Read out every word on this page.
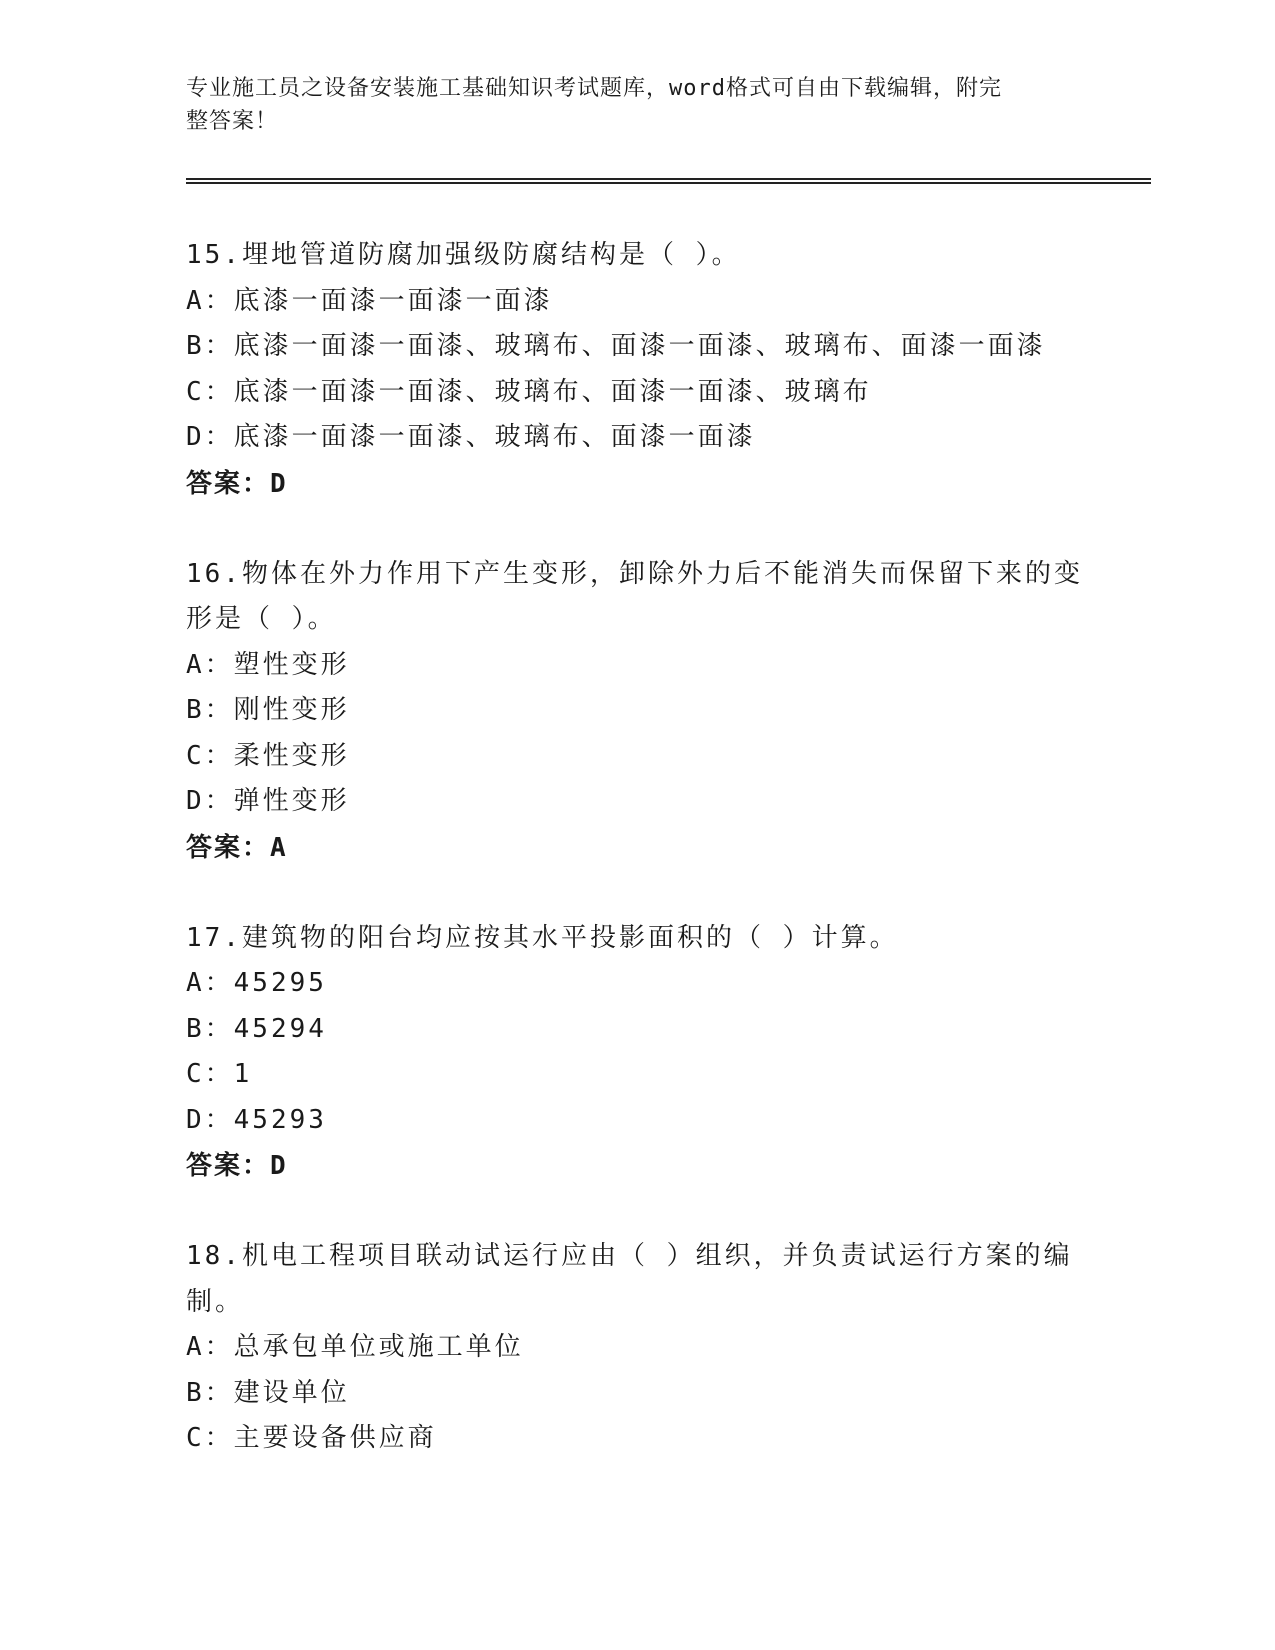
专业施工员之设备安装施工基础知识考试题库，word格式可自由下载编辑，附完
整答案！
15.埋地管道防腐加强级防腐结构是（ ）。
A：底漆一面漆一面漆一面漆
B：底漆一面漆一面漆、玻璃布、面漆一面漆、玻璃布、面漆一面漆
C：底漆一面漆一面漆、玻璃布、面漆一面漆、玻璃布
D：底漆一面漆一面漆、玻璃布、面漆一面漆
答案：D
16.物体在外力作用下产生变形，卸除外力后不能消失而保留下来的变
形是（ ）。
A：塑性变形
B：刚性变形
C：柔性变形
D：弹性变形
答案：A
17.建筑物的阳台均应按其水平投影面积的（ ）计算。
A：45295
B：45294
C：1
D：45293
答案：D
18.机电工程项目联动试运行应由（ ）组织，并负责试运行方案的编
制。
A：总承包单位或施工单位
B：建设单位
C：主要设备供应商
